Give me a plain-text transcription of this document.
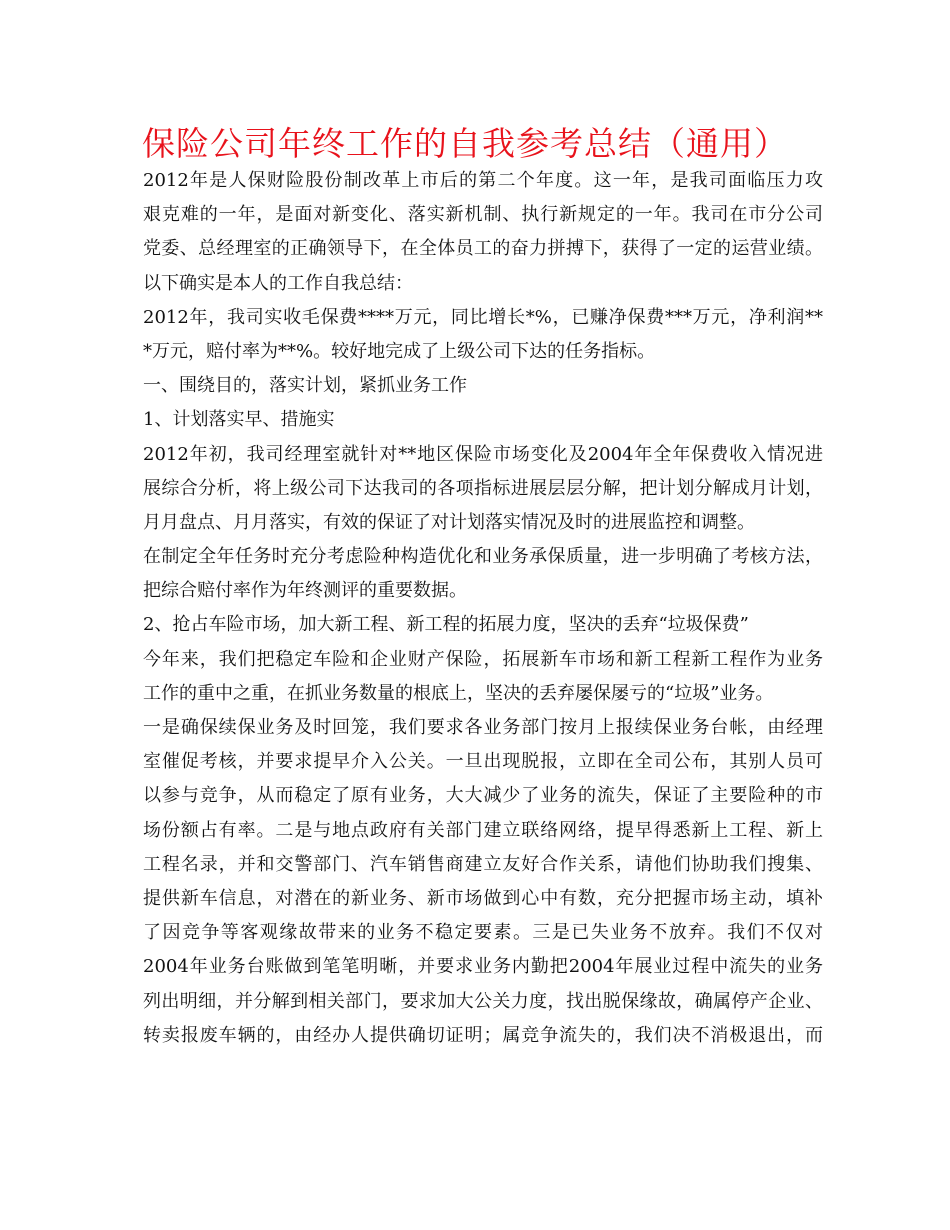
保险公司年终工作的自我参考总结（通用）
2012年是人保财险股份制改革上市后的第二个年度。这一年，是我司面临压力攻
艰克难的一年，是面对新变化、落实新机制、执行新规定的一年。我司在市分公司
党委、总经理室的正确领导下，在全体员工的奋力拼搏下，获得了一定的运营业绩。
以下确实是本人的工作自我总结：
2012年，我司实收毛保费****万元，同比增长*%，已赚净保费***万元，净利润**
*万元，赔付率为**%。较好地完成了上级公司下达的任务指标。
一、围绕目的，落实计划，紧抓业务工作
1、计划落实早、措施实
2012年初，我司经理室就针对**地区保险市场变化及2004年全年保费收入情况进
展综合分析，将上级公司下达我司的各项指标进展层层分解，把计划分解成月计划，
月月盘点、月月落实，有效的保证了对计划落实情况及时的进展监控和调整。
在制定全年任务时充分考虑险种构造优化和业务承保质量，进一步明确了考核方法，
把综合赔付率作为年终测评的重要数据。
2、抢占车险市场，加大新工程、新工程的拓展力度，坚决的丢弃“垃圾保费”
今年来，我们把稳定车险和企业财产保险，拓展新车市场和新工程新工程作为业务
工作的重中之重，在抓业务数量的根底上，坚决的丢弃屡保屡亏的“垃圾”业务。
一是确保续保业务及时回笼，我们要求各业务部门按月上报续保业务台帐，由经理
室催促考核，并要求提早介入公关。一旦出现脱报，立即在全司公布，其别人员可
以参与竞争，从而稳定了原有业务，大大减少了业务的流失，保证了主要险种的市
场份额占有率。二是与地点政府有关部门建立联络网络，提早得悉新上工程、新上
工程名录，并和交警部门、汽车销售商建立友好合作关系，请他们协助我们搜集、
提供新车信息，对潜在的新业务、新市场做到心中有数，充分把握市场主动，填补
了因竞争等客观缘故带来的业务不稳定要素。三是已失业务不放弃。我们不仅对
2004年业务台账做到笔笔明晰，并要求业务内勤把2004年展业过程中流失的业务
列出明细，并分解到相关部门，要求加大公关力度，找出脱保缘故，确属停产企业、
转卖报废车辆的，由经办人提供确切证明；属竞争流失的，我们决不消极退出，而
